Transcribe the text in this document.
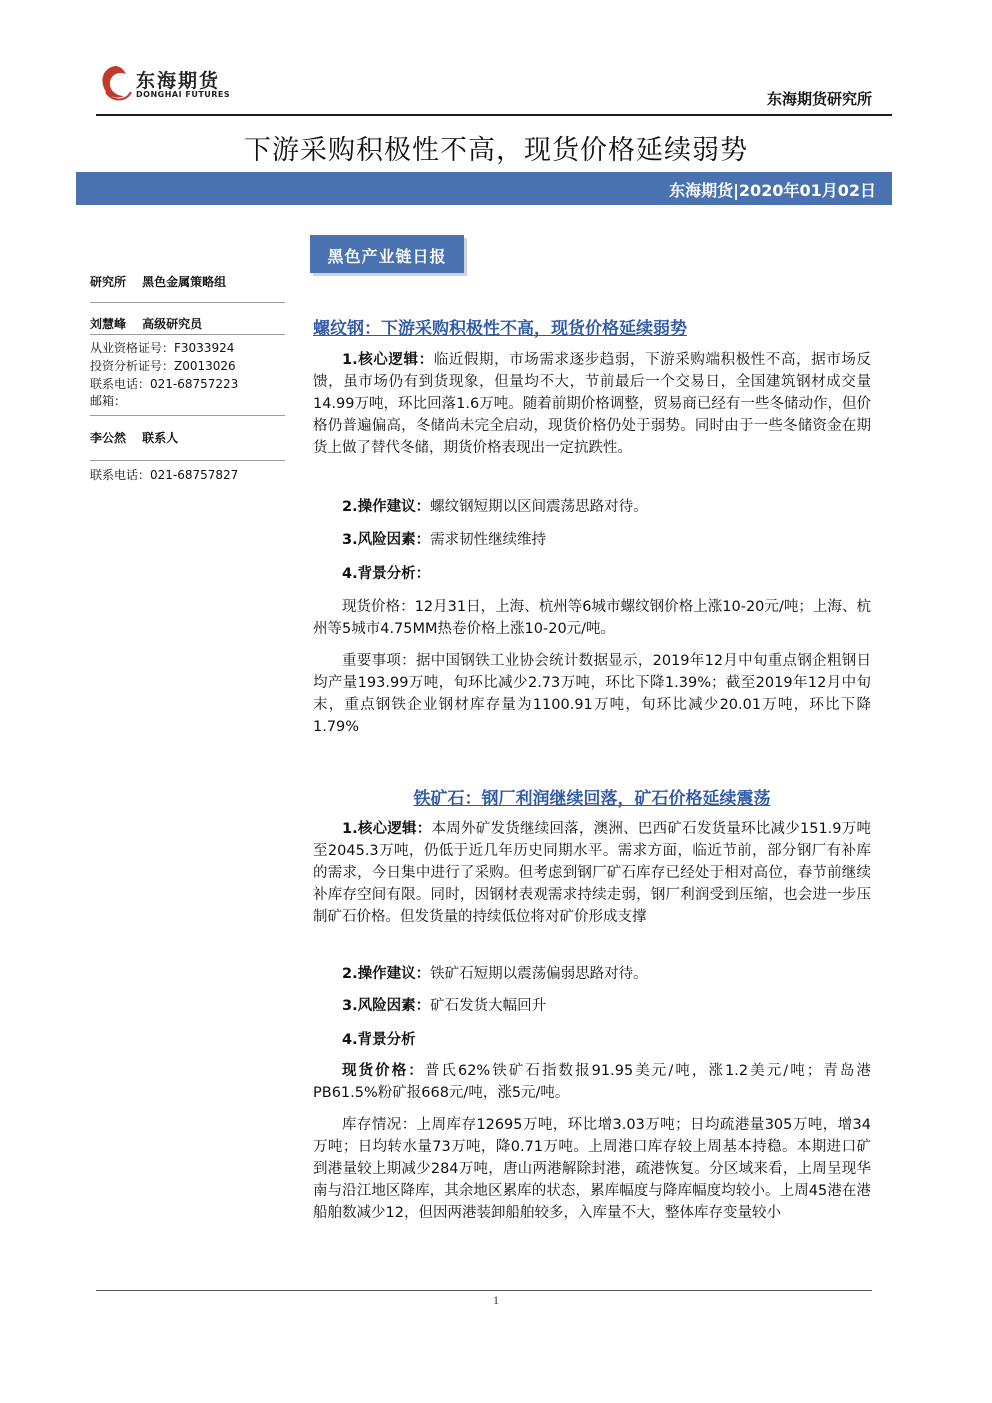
东海期货
DONGHAI FUTURES	东海期货研究所
下游采购积极性不高，现货价格延续弱势
东海期货|2020年01月02日
黑色产业链日报
研究所　 黑色金属策略组
刘慧峰　 高级研究员
从业资格证号：F3033924
投资分析证号：Z0013026
联系电话：021-68757223
邮箱：
李公然　 联系人
联系电话：021-68757827
螺纹钢：下游采购积极性不高，现货价格延续弱势

1.核心逻辑：临近假期，市场需求逐步趋弱，下游采购端积极性不高，据市场反馈，虽市场仍有到货现象，但量均不大，节前最后一个交易日，全国建筑钢材成交量14.99万吨，环比回落1.6万吨。随着前期价格调整，贸易商已经有一些冬储动作，但价格仍普遍偏高，冬储尚未完全启动，现货价格仍处于弱势。同时由于一些冬储资金在期货上做了替代冬储，期货价格表现出一定抗跌性。

2.操作建议：螺纹钢短期以区间震荡思路对待。

3.风险因素：需求韧性继续维持

4.背景分析：

现货价格：12月31日，上海、杭州等6城市螺纹钢价格上涨10-20元/吨；上海、杭州等5城市4.75MM热卷价格上涨10-20元/吨。

重要事项：据中国钢铁工业协会统计数据显示，2019年12月中旬重点钢企粗钢日均产量193.99万吨，旬环比减少2.73万吨，环比下降1.39%；截至2019年12月中旬末，重点钢铁企业钢材库存量为1100.91万吨，旬环比减少20.01万吨，环比下降1.79%

铁矿石：钢厂利润继续回落，矿石价格延续震荡

1.核心逻辑：本周外矿发货继续回落，澳洲、巴西矿石发货量环比减少151.9万吨至2045.3万吨，仍低于近几年历史同期水平。需求方面，临近节前，部分钢厂有补库的需求，今日集中进行了采购。但考虑到钢厂矿石库存已经处于相对高位，春节前继续补库存空间有限。同时，因钢材表观需求持续走弱，钢厂利润受到压缩，也会进一步压制矿石价格。但发货量的持续低位将对矿价形成支撑

2.操作建议：铁矿石短期以震荡偏弱思路对待。

3.风险因素：矿石发货大幅回升

4.背景分析

现货价格：普氏62%铁矿石指数报91.95美元/吨，涨1.2美元/吨；青岛港PB61.5%粉矿报668元/吨，涨5元/吨。

库存情况：上周库存12695万吨，环比增3.03万吨；日均疏港量305万吨，增34万吨；日均转水量73万吨，降0.71万吨。上周港口库存较上周基本持稳。本期进口矿到港量较上期减少284万吨，唐山两港解除封港，疏港恢复。分区域来看，上周呈现华南与沿江地区降库，其余地区累库的状态，累库幅度与降库幅度均较小。上周45港在港船舶数减少12，但因两港装卸船舶较多，入库量不大，整体库存变量较小

1
